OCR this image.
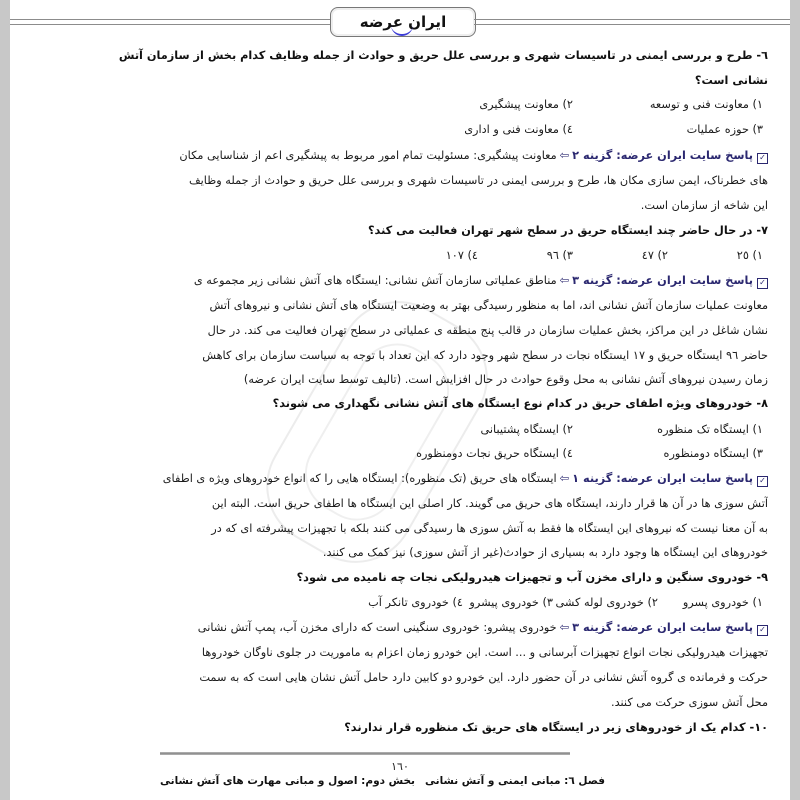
ایران عرضه
٦- طرح و بررسی ایمنی در تاسیسات شهری و بررسی علل حریق و حوادث از جمله وظایف کدام بخش از سازمان آتش
نشانی است؟
١) معاونت فنی و توسعه
٢) معاونت پیشگیری
٣) حوزه عملیات
٤) معاونت فنی و اداری
✓پاسخ سایت ایران عرضه: گزینه ٢⇦معاونت پیشگیری: مسئولیت تمام امور مربوط به پیشگیری اعم از شناسایی مکان
های خطرناک، ایمن سازی مکان ها، طرح و بررسی ایمنی در تاسیسات شهری و بررسی علل حریق و حوادث از جمله وظایف
این شاخه از سازمان است.
٧- در حال حاضر چند ایستگاه حریق در سطح شهر تهران فعالیت می کند؟
١) ٢٥
٢) ٤٧
٣) ٩٦
٤) ١٠٧
✓پاسخ سایت ایران عرضه: گزینه ٣⇦مناطق عملیاتی سازمان آتش نشانی: ایستگاه های آتش نشانی زیر مجموعه ی
معاونت عملیات سازمان آتش نشانی اند، اما به منظور رسیدگی بهتر به وضعیت ایستگاه های آتش نشانی و نیروهای آتش
نشان شاغل در این مراکز، بخش عملیات سازمان در قالب پنج منطقه ی عملیاتی در سطح تهران فعالیت می کند. در حال
حاضر ٩٦ ایستگاه حریق و ١٧ ایستگاه نجات در سطح شهر وجود دارد که این تعداد با توجه به سیاست سازمان برای کاهش
زمان رسیدن نیروهای آتش نشانی به محل وقوع حوادث در حال افزایش است. (تالیف توسط سایت ایران عرضه)
٨- خودروهای ویژه اطفای حریق در کدام نوع ایستگاه های آتش نشانی نگهداری می شوند؟
١) ایستگاه تک منظوره
٢) ایستگاه پشتیبانی
٣) ایستگاه دومنظوره
٤) ایستگاه حریق نجات دومنظوره
✓پاسخ سایت ایران عرضه: گزینه ١⇦ایستگاه های حریق (تک منظوره): ایستگاه هایی را که انواع خودروهای ویژه ی اطفای
آتش سوزی ها در آن ها قرار دارند، ایستگاه های حریق می گویند. کار اصلی این ایستگاه ها اطفای حریق است. البته این
به آن معنا نیست که نیروهای این ایستگاه ها فقط به آتش سوزی ها رسیدگی می کنند بلکه با تجهیزات پیشرفته ای که در
خودروهای این ایستگاه ها وجود دارد به بسیاری از حوادث(غیر از آتش سوزی) نیز کمک می کنند.
٩- خودروی سنگین و دارای مخزن آب و تجهیزات هیدرولیکی نجات چه نامیده می شود؟
١) خودروی پسرو
٢) خودروی لوله کشی
٣) خودروی پیشرو
٤) خودروی تانکر آب
✓پاسخ سایت ایران عرضه: گزینه ٣⇦خودروی پیشرو: خودروی سنگینی است که دارای مخزن آب، پمپ آتش نشانی
تجهیزات هیدرولیکی نجات انواع تجهیزات آبرسانی و ... است. این خودرو زمان اعزام به ماموریت در جلوی ناوگان خودروها
حرکت و فرمانده ی گروه آتش نشانی در آن حضور دارد. این خودرو دو کابین دارد حامل آتش نشان هایی است که به سمت
محل آتش سوزی حرکت می کنند.
١٠- کدام یک از خودروهای زیر در ایستگاه های حریق تک منظوره قرار ندارند؟
١٦٠
فصل ٦: مبانی ایمنی و آتش نشانی
بخش دوم: اصول و مبانی مهارت های آتش نشانی
